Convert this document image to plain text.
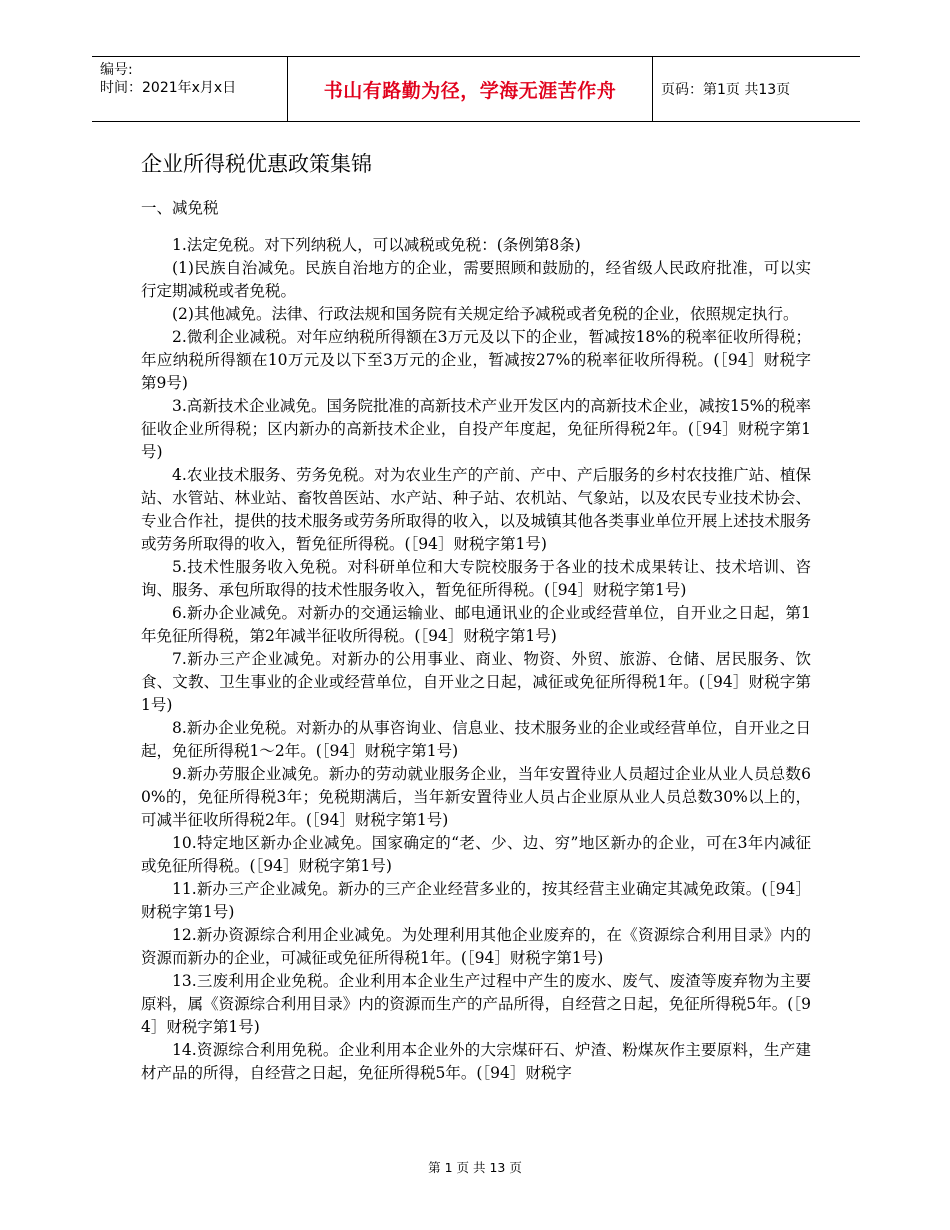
编号:
时间：2021年x月x日	书山有路勤为径，学海无涯苦作舟	页码：第1页 共13页
企业所得税优惠政策集锦
一、减免税

1.法定免税。对下列纳税人，可以减税或免税：(条例第8条)

(1)民族自治减免。民族自治地方的企业，需要照顾和鼓励的，经省级人民政府批准，可以实行定期减税或者免税。

(2)其他减免。法律、行政法规和国务院有关规定给予减税或者免税的企业，依照规定执行。

2.微利企业减税。对年应纳税所得额在3万元及以下的企业，暂减按18%的税率征收所得税；年应纳税所得额在10万元及以下至3万元的企业，暂减按27%的税率征收所得税。(［94］财税字第9号)

3.高新技术企业减免。国务院批准的高新技术产业开发区内的高新技术企业，减按15%的税率征收企业所得税；区内新办的高新技术企业，自投产年度起，免征所得税2年。(［94］财税字第1号)

4.农业技术服务、劳务免税。对为农业生产的产前、产中、产后服务的乡村农技推广站、植保站、水管站、林业站、畜牧兽医站、水产站、种子站、农机站、气象站，以及农民专业技术协会、专业合作社，提供的技术服务或劳务所取得的收入，以及城镇其他各类事业单位开展上述技术服务或劳务所取得的收入，暂免征所得税。(［94］财税字第1号)

5.技术性服务收入免税。对科研单位和大专院校服务于各业的技术成果转让、技术培训、咨询、服务、承包所取得的技术性服务收入，暂免征所得税。(［94］财税字第1号)

6.新办企业减免。对新办的交通运输业、邮电通讯业的企业或经营单位，自开业之日起，第1年免征所得税，第2年减半征收所得税。(［94］财税字第1号)

7.新办三产企业减免。对新办的公用事业、商业、物资、外贸、旅游、仓储、居民服务、饮食、文教、卫生事业的企业或经营单位，自开业之日起，减征或免征所得税1年。(［94］财税字第1号)

8.新办企业免税。对新办的从事咨询业、信息业、技术服务业的企业或经营单位，自开业之日起，免征所得税1～2年。(［94］财税字第1号)

9.新办劳服企业减免。新办的劳动就业服务企业，当年安置待业人员超过企业从业人员总数60%的，免征所得税3年；免税期满后，当年新安置待业人员占企业原从业人员总数30%以上的，可减半征收所得税2年。(［94］财税字第1号)

10.特定地区新办企业减免。国家确定的“老、少、边、穷”地区新办的企业，可在3年内减征或免征所得税。(［94］财税字第1号)

11.新办三产企业减免。新办的三产企业经营多业的，按其经营主业确定其减免政策。(［94］财税字第1号)

12.新办资源综合利用企业减免。为处理利用其他企业废弃的，在《资源综合利用目录》内的资源而新办的企业，可减征或免征所得税1年。(［94］财税字第1号)

13.三废利用企业免税。企业利用本企业生产过程中产生的废水、废气、废渣等废弃物为主要原料，属《资源综合利用目录》内的资源而生产的产品所得，自经营之日起，免征所得税5年。(［94］财税字第1号)

14.资源综合利用免税。企业利用本企业外的大宗煤矸石、炉渣、粉煤灰作主要原料，生产建材产品的所得，自经营之日起，免征所得税5年。(［94］财税字

第 1 页 共 13 页
